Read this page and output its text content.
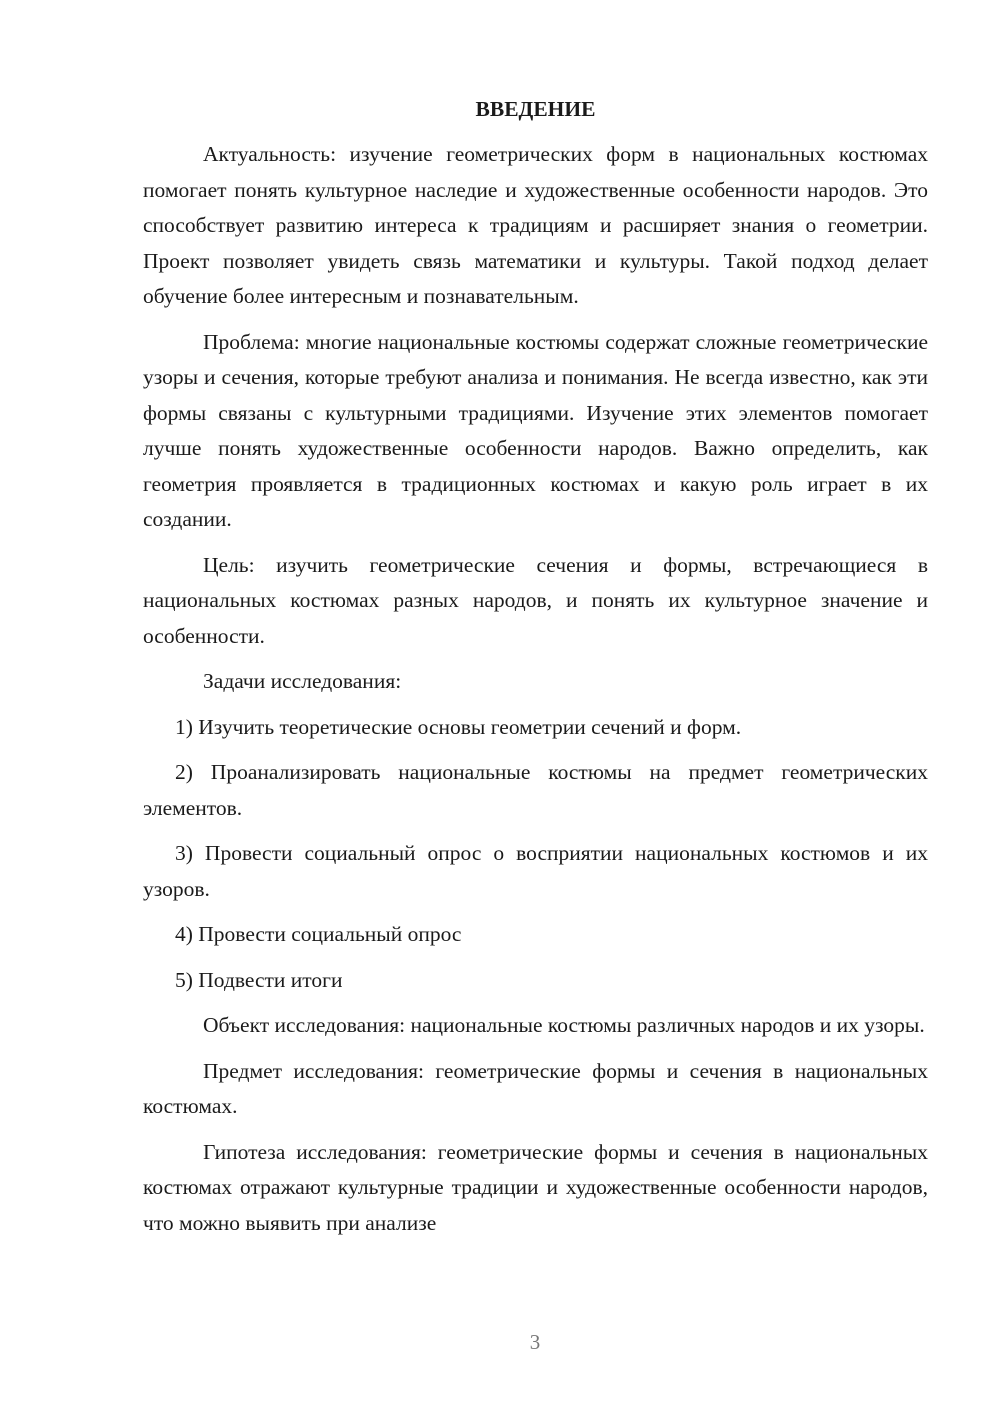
ВВЕДЕНИЕ

Актуальность: изучение геометрических форм в национальных костюмах помогает понять культурное наследие и художественные особенности народов. Это способствует развитию интереса к традициям и расширяет знания о геометрии. Проект позволяет увидеть связь математики и культуры. Такой подход делает обучение более интересным и познавательным.

Проблема: многие национальные костюмы содержат сложные геометрические узоры и сечения, которые требуют анализа и понимания. Не всегда известно, как эти формы связаны с культурными традициями. Изучение этих элементов помогает лучше понять художественные особенности народов. Важно определить, как геометрия проявляется в традиционных костюмах и какую роль играет в их создании.

Цель: изучить геометрические сечения и формы, встречающиеся в национальных костюмах разных народов, и понять их культурное значение и особенности.

Задачи исследования:

1) Изучить теоретические основы геометрии сечений и форм.

2) Проанализировать национальные костюмы на предмет геометрических элементов.

3) Провести социальный опрос о восприятии национальных костюмов и их узоров.

4) Провести социальный опрос

5) Подвести итоги

Объект исследования: национальные костюмы различных народов и их узоры.

Предмет исследования: геометрические формы и сечения в национальных костюмах.

Гипотеза исследования: геометрические формы и сечения в национальных костюмах отражают культурные традиции и художественные особенности народов, что можно выявить при анализе

3
